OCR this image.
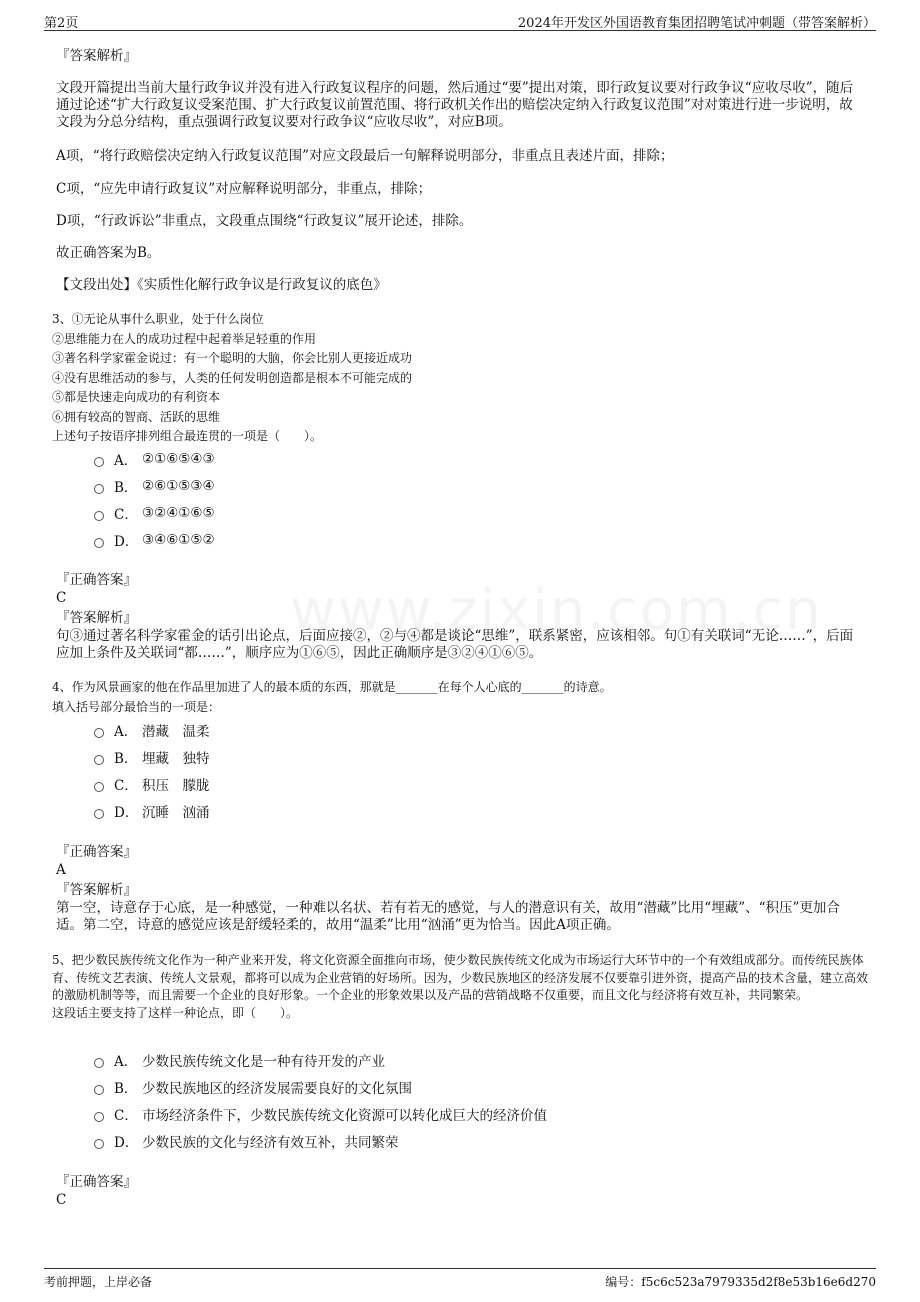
第2页	2024年开发区外国语教育集团招聘笔试冲刺题（带答案解析）
『答案解析』

文段开篇提出当前大量行政争议并没有进入行政复议程序的问题，然后通过“要”提出对策，即行政复议要对行政争议“应收尽收”，随后通过论述“扩大行政复议受案范围、扩大行政复议前置范围、将行政机关作出的赔偿决定纳入行政复议范围”对对策进行进一步说明，故文段为分总分结构，重点强调行政复议要对行政争议“应收尽收”，对应B项。

A项，“将行政赔偿决定纳入行政复议范围”对应文段最后一句解释说明部分，非重点且表述片面，排除；

C项，“应先申请行政复议”对应解释说明部分，非重点，排除；

D项，“行政诉讼”非重点，文段重点围绕“行政复议”展开论述，排除。

故正确答案为B。

【文段出处】《实质性化解行政争议是行政复议的底色》

3、①无论从事什么职业，处于什么岗位
②思维能力在人的成功过程中起着举足轻重的作用
③著名科学家霍金说过：有一个聪明的大脑，你会比别人更接近成功
④没有思维活动的参与，人类的任何发明创造都是根本不可能完成的
⑤都是快速走向成功的有利资本
⑥拥有较高的智商、活跃的思维
上述句子按语序排列组合最连贯的一项是（　　）。
A． ②①⑥⑤④③
B． ②⑥①⑤③④
C． ③②④①⑥⑤
D． ③④⑥①⑤②
『正确答案』
C
『答案解析』

句③通过著名科学家霍金的话引出论点，后面应接②，②与④都是谈论“思维”，联系紧密，应该相邻。句①有关联词“无论……”，后面应加上条件及关联词“都……”，顺序应为①⑥⑤，因此正确顺序是③②④①⑥⑤。

4、作为风景画家的他在作品里加进了人的最本质的东西，那就是_______在每个人心底的_______的诗意。
填入括号部分最恰当的一项是：
A． 潜藏　温柔
B． 埋藏　独特
C． 积压　朦胧
D． 沉睡　汹涌
『正确答案』
A
『答案解析』

第一空，诗意存于心底，是一种感觉，一种难以名状、若有若无的感觉，与人的潜意识有关，故用“潜藏”比用“埋藏”、“积压”更加合适。第二空，诗意的感觉应该是舒缓轻柔的，故用“温柔”比用“汹涌”更为恰当。因此A项正确。

5、把少数民族传统文化作为一种产业来开发，将文化资源全面推向市场，使少数民族传统文化成为市场运行大环节中的一个有效组成部分。而传统民族体育、传统文艺表演、传统人文景观，都将可以成为企业营销的好场所。因为，少数民族地区的经济发展不仅要靠引进外资，提高产品的技术含量，建立高效的激励机制等等，而且需要一个企业的良好形象。一个企业的形象效果以及产品的营销战略不仅重要，而且文化与经济将有效互补，共同繁荣。
这段话主要支持了这样一种论点，即（　　）。
A． 少数民族传统文化是一种有待开发的产业
B． 少数民族地区的经济发展需要良好的文化氛围
C． 市场经济条件下，少数民族传统文化资源可以转化成巨大的经济价值
D． 少数民族的文化与经济有效互补，共同繁荣
『正确答案』
C
考前押题，上岸必备	编号：f5c6c523a7979335d2f8e53b16e6d270
